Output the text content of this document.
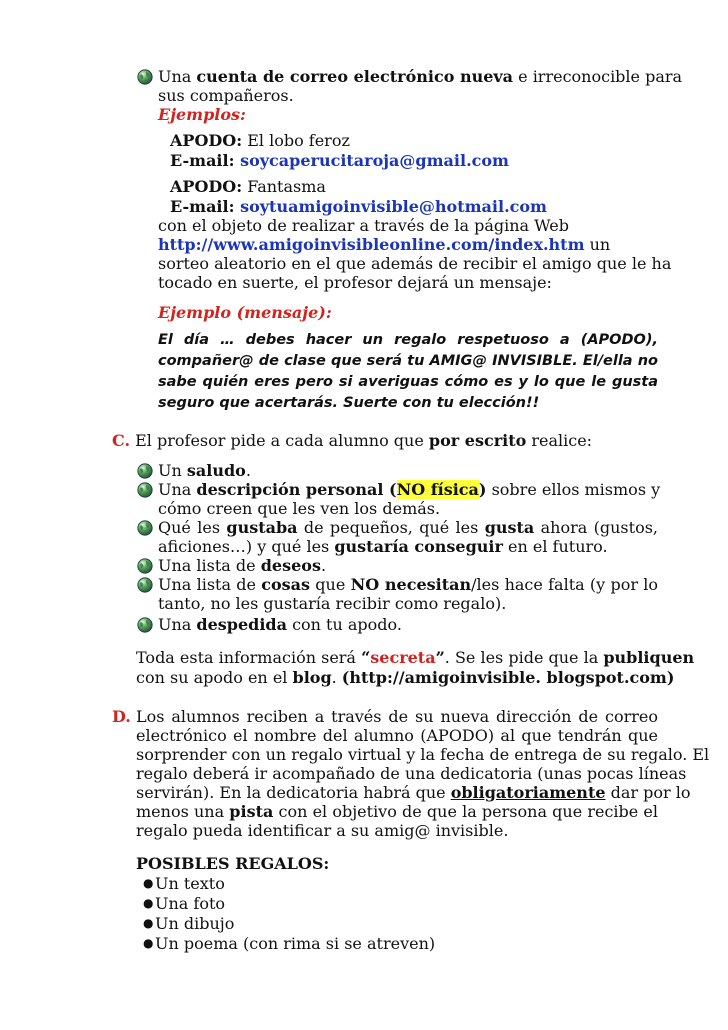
Una cuenta de correo electrónico nueva e irreconocible para
sus compañeros.
Ejemplos:
APODO: El lobo feroz
E-mail: soycaperucitaroja@gmail.com
APODO: Fantasma
E-mail: soytuamigoinvisible@hotmail.com
con el objeto de realizar a través de la página Web
http://www.amigoinvisibleonline.com/index.htm un
sorteo aleatorio en el que además de recibir el amigo que le ha
tocado en suerte, el profesor dejará un mensaje:
Ejemplo (mensaje):
El día … debes hacer un regalo respetuoso a (APODO),
compañer@ de clase que será tu AMIG@ INVISIBLE. El/ella no
sabe quién eres pero si averiguas cómo es y lo que le gusta
seguro que acertarás. Suerte con tu elección!!
C. El profesor pide a cada alumno que por escrito realice:
Un saludo.
Una descripción personal (NO física) sobre ellos mismos y
cómo creen que les ven los demás.
Qué les gustaba de pequeños, qué les gusta ahora (gustos,
aficiones…) y qué les gustaría conseguir en el futuro.
Una lista de deseos.
Una lista de cosas que NO necesitan/les hace falta (y por lo
tanto, no les gustaría recibir como regalo).
Una despedida con tu apodo.
Toda esta información será “secreta”. Se les pide que la publiquen
con su apodo en el blog. (http://amigoinvisible. blogspot.com)
D. Los alumnos reciben a través de su nueva dirección de correo
electrónico el nombre del alumno (APODO) al que tendrán que
sorprender con un regalo virtual y la fecha de entrega de su regalo. El
regalo deberá ir acompañado de una dedicatoria (unas pocas líneas
servirán). En la dedicatoria habrá que obligatoriamente dar por lo
menos una pista con el objetivo de que la persona que recibe el
regalo pueda identificar a su amig@ invisible.
POSIBLES REGALOS:
● Un texto
● Una foto
● Un dibujo
● Un poema (con rima si se atreven)
